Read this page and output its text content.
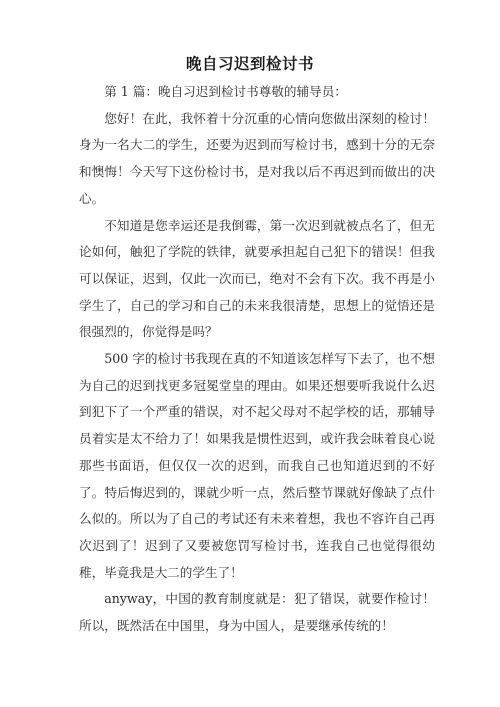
晚自习迟到检讨书

第 1 篇：晚自习迟到检讨书尊敬的辅导员：

您好！在此，我怀着十分沉重的心情向您做出深刻的检讨！身为一名大二的学生，还要为迟到而写检讨书，感到十分的无奈和懊悔！今天写下这份检讨书，是对我以后不再迟到而做出的决心。

不知道是您幸运还是我倒霉，第一次迟到就被点名了，但无论如何，触犯了学院的铁律，就要承担起自己犯下的错误！但我可以保证，迟到，仅此一次而已，绝对不会有下次。我不再是小学生了，自己的学习和自己的未来我很清楚，思想上的觉悟还是很强烈的，你觉得是吗？

500 字的检讨书我现在真的不知道该怎样写下去了，也不想为自己的迟到找更多冠冕堂皇的理由。如果还想要听我说什么迟到犯下了一个严重的错误，对不起父母对不起学校的话，那辅导员着实是太不给力了！如果我是惯性迟到，或许我会昧着良心说那些书面语，但仅仅一次的迟到，而我自己也知道迟到的不好了。特后悔迟到的，课就少听一点，然后整节课就好像缺了点什么似的。所以为了自己的考试还有未来着想，我也不容许自己再次迟到了！迟到了又要被您罚写检讨书，连我自己也觉得很幼稚，毕竟我是大二的学生了！

anyway，中国的教育制度就是：犯了错误，就要作检讨！所以，既然活在中国里，身为中国人，是要继承传统的！
